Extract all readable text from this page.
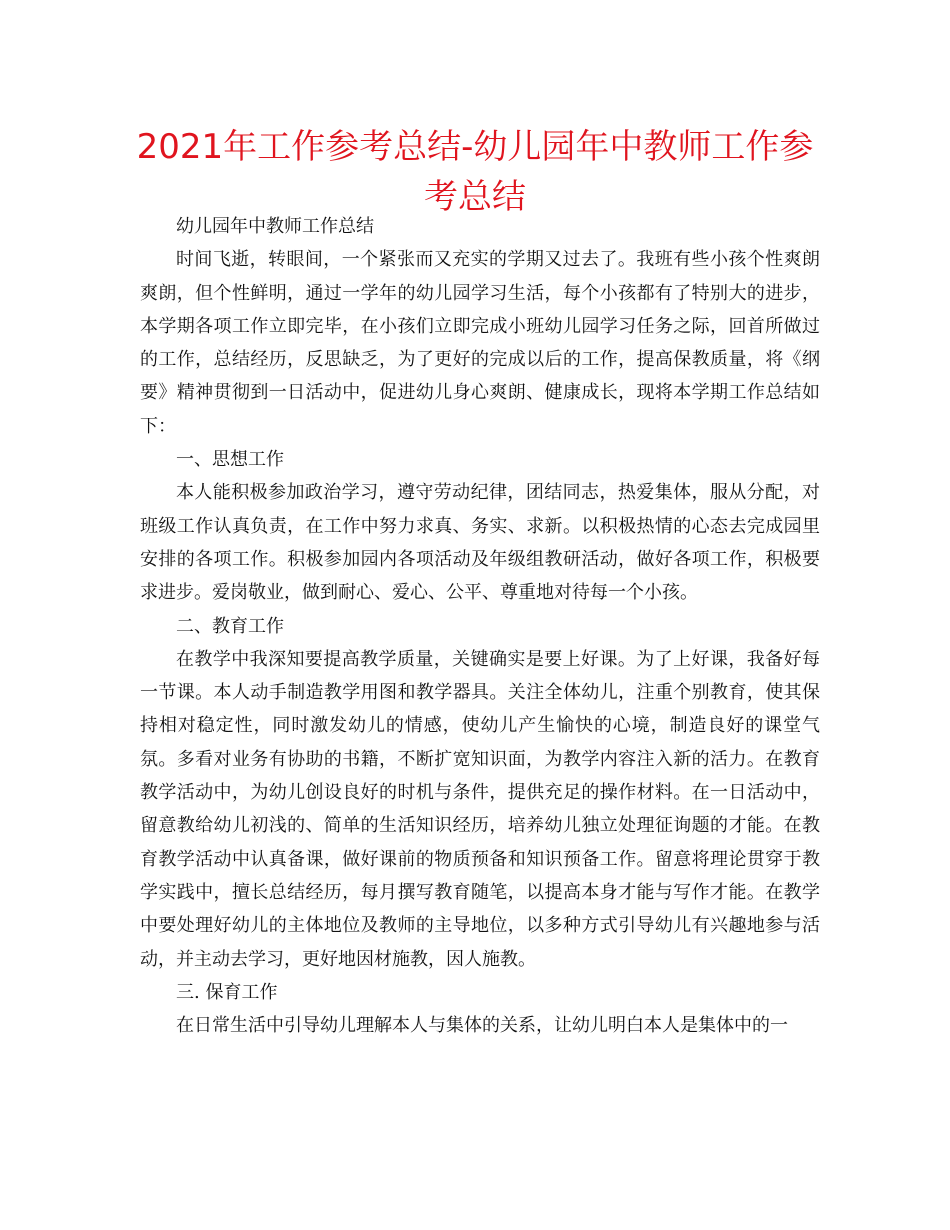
2021年工作参考总结-幼儿园年中教师工作参考总结

幼儿园年中教师工作总结

时间飞逝，转眼间，一个紧张而又充实的学期又过去了。我班有些小孩个性爽朗爽朗，但个性鲜明，通过一学年的幼儿园学习生活，每个小孩都有了特别大的进步，本学期各项工作立即完毕，在小孩们立即完成小班幼儿园学习任务之际，回首所做过的工作，总结经历，反思缺乏，为了更好的完成以后的工作，提高保教质量，将《纲要》精神贯彻到一日活动中，促进幼儿身心爽朗、健康成长，现将本学期工作总结如下：

一、思想工作

本人能积极参加政治学习，遵守劳动纪律，团结同志，热爱集体，服从分配，对班级工作认真负责，在工作中努力求真、务实、求新。以积极热情的心态去完成园里安排的各项工作。积极参加园内各项活动及年级组教研活动，做好各项工作，积极要求进步。爱岗敬业，做到耐心、爱心、公平、尊重地对待每一个小孩。

二、教育工作

在教学中我深知要提高教学质量，关键确实是要上好课。为了上好课，我备好每一节课。本人动手制造教学用图和教学器具。关注全体幼儿，注重个别教育，使其保持相对稳定性，同时激发幼儿的情感，使幼儿产生愉快的心境，制造良好的课堂气氛。多看对业务有协助的书籍，不断扩宽知识面，为教学内容注入新的活力。在教育教学活动中，为幼儿创设良好的时机与条件，提供充足的操作材料。在一日活动中，留意教给幼儿初浅的、简单的生活知识经历，培养幼儿独立处理征询题的才能。在教育教学活动中认真备课，做好课前的物质预备和知识预备工作。留意将理论贯穿于教学实践中，擅长总结经历，每月撰写教育随笔，以提高本身才能与写作才能。在教学中要处理好幼儿的主体地位及教师的主导地位，以多种方式引导幼儿有兴趣地参与活动，并主动去学习，更好地因材施教，因人施教。

三. 保育工作

在日常生活中引导幼儿理解本人与集体的关系，让幼儿明白本人是集体中的一
